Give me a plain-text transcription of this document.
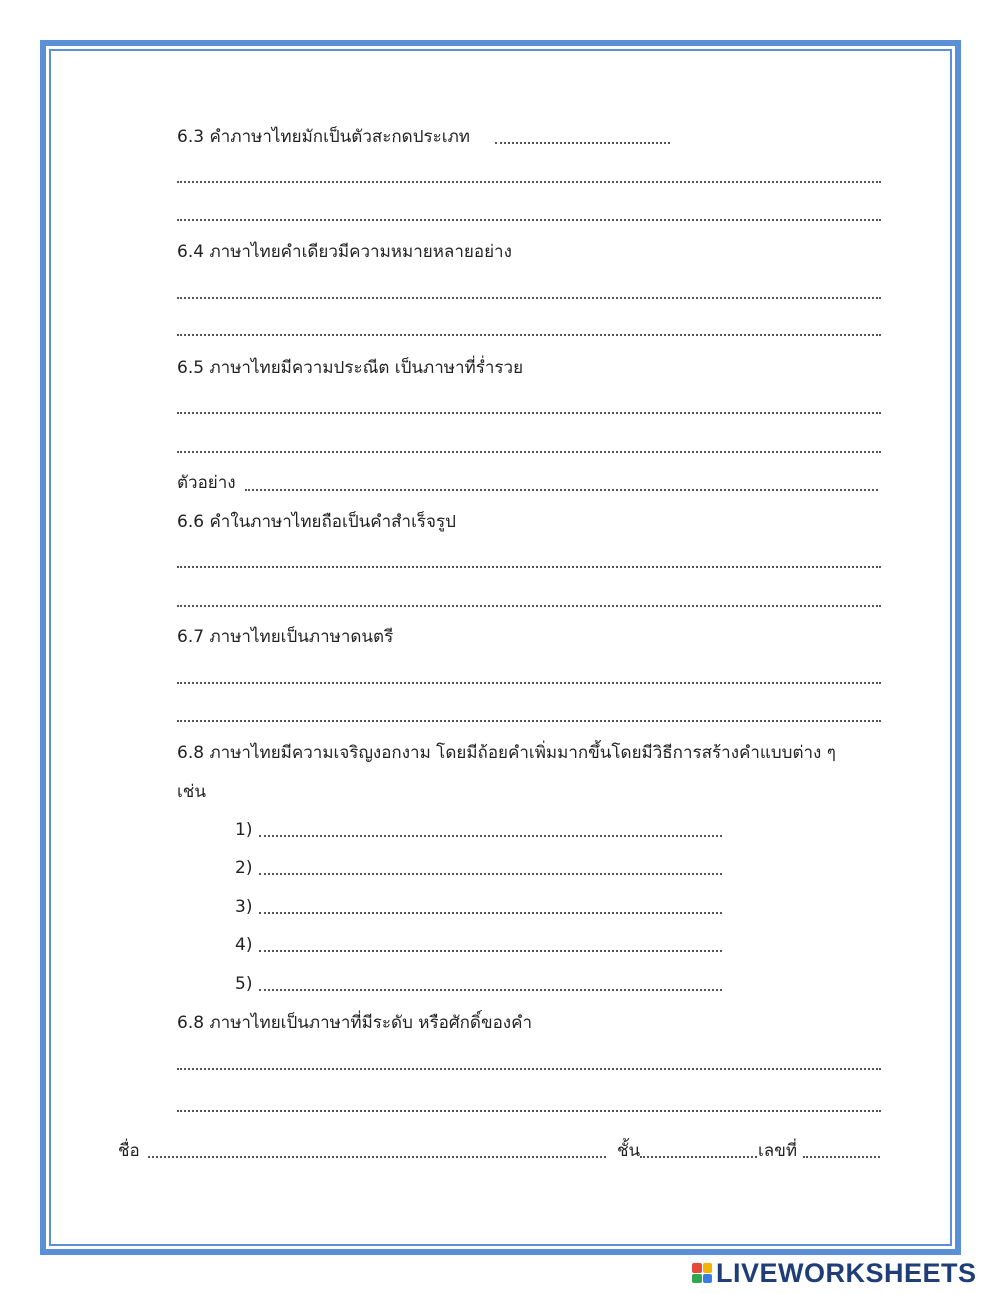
6.3 คำภาษาไทยมักเป็นตัวสะกดประเภท
6.4 ภาษาไทยคำเดียวมีความหมายหลายอย่าง
6.5 ภาษาไทยมีความประณีต เป็นภาษาที่ร่ำรวย
ตัวอย่าง
6.6 คำในภาษาไทยถือเป็นคำสำเร็จรูป
6.7 ภาษาไทยเป็นภาษาดนตรี
6.8 ภาษาไทยมีความเจริญงอกงาม โดยมีถ้อยคำเพิ่มมากขึ้นโดยมีวิธีการสร้างคำแบบต่าง ๆ
เช่น
1)
2)
3)
4)
5)
6.8 ภาษาไทยเป็นภาษาที่มีระดับ หรือศักดิ์ของคำ
ชื่อ	ชั้น	เลขที่
LIVEWORKSHEETS
